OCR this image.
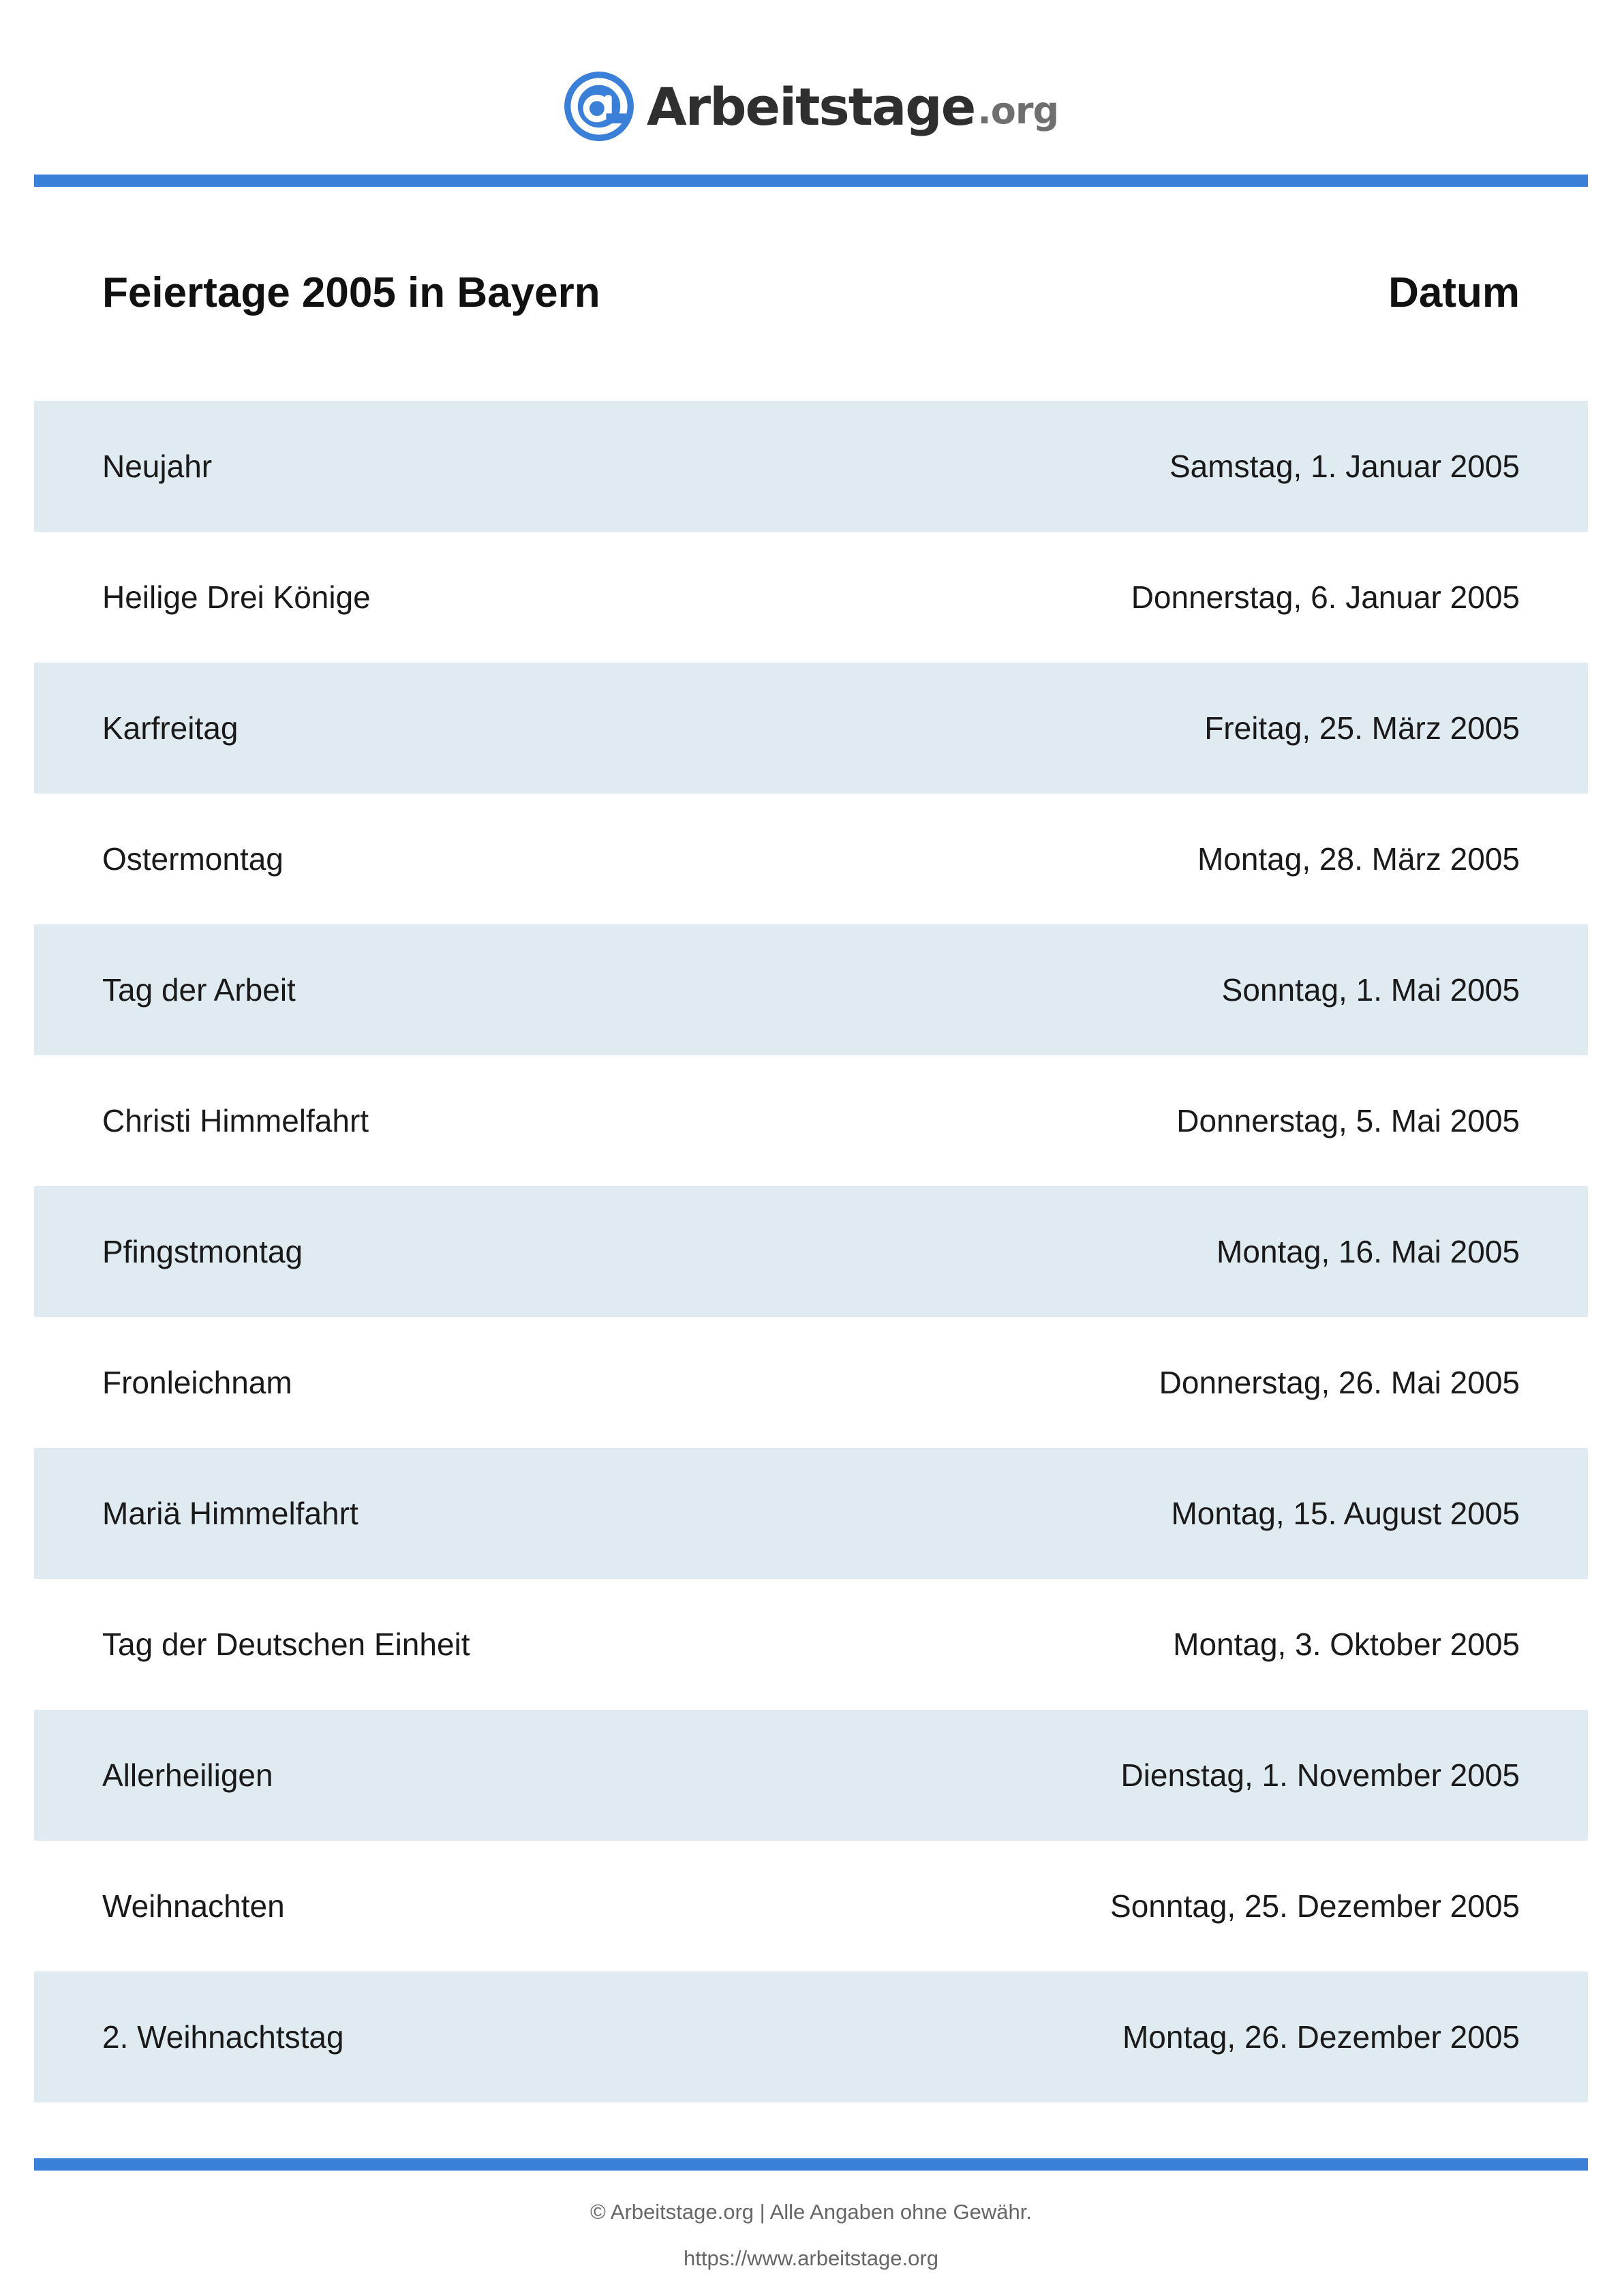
Arbeitstage .org
Feiertage 2005 in Bayern	Datum
Neujahr	Samstag, 1. Januar 2005
Heilige Drei Könige	Donnerstag, 6. Januar 2005
Karfreitag	Freitag, 25. März 2005
Ostermontag	Montag, 28. März 2005
Tag der Arbeit	Sonntag, 1. Mai 2005
Christi Himmelfahrt	Donnerstag, 5. Mai 2005
Pfingstmontag	Montag, 16. Mai 2005
Fronleichnam	Donnerstag, 26. Mai 2005
Mariä Himmelfahrt	Montag, 15. August 2005
Tag der Deutschen Einheit	Montag, 3. Oktober 2005
Allerheiligen	Dienstag, 1. November 2005
Weihnachten	Sonntag, 25. Dezember 2005
2. Weihnachtstag	Montag, 26. Dezember 2005
© Arbeitstage.org | Alle Angaben ohne Gewähr.
https://www.arbeitstage.org
